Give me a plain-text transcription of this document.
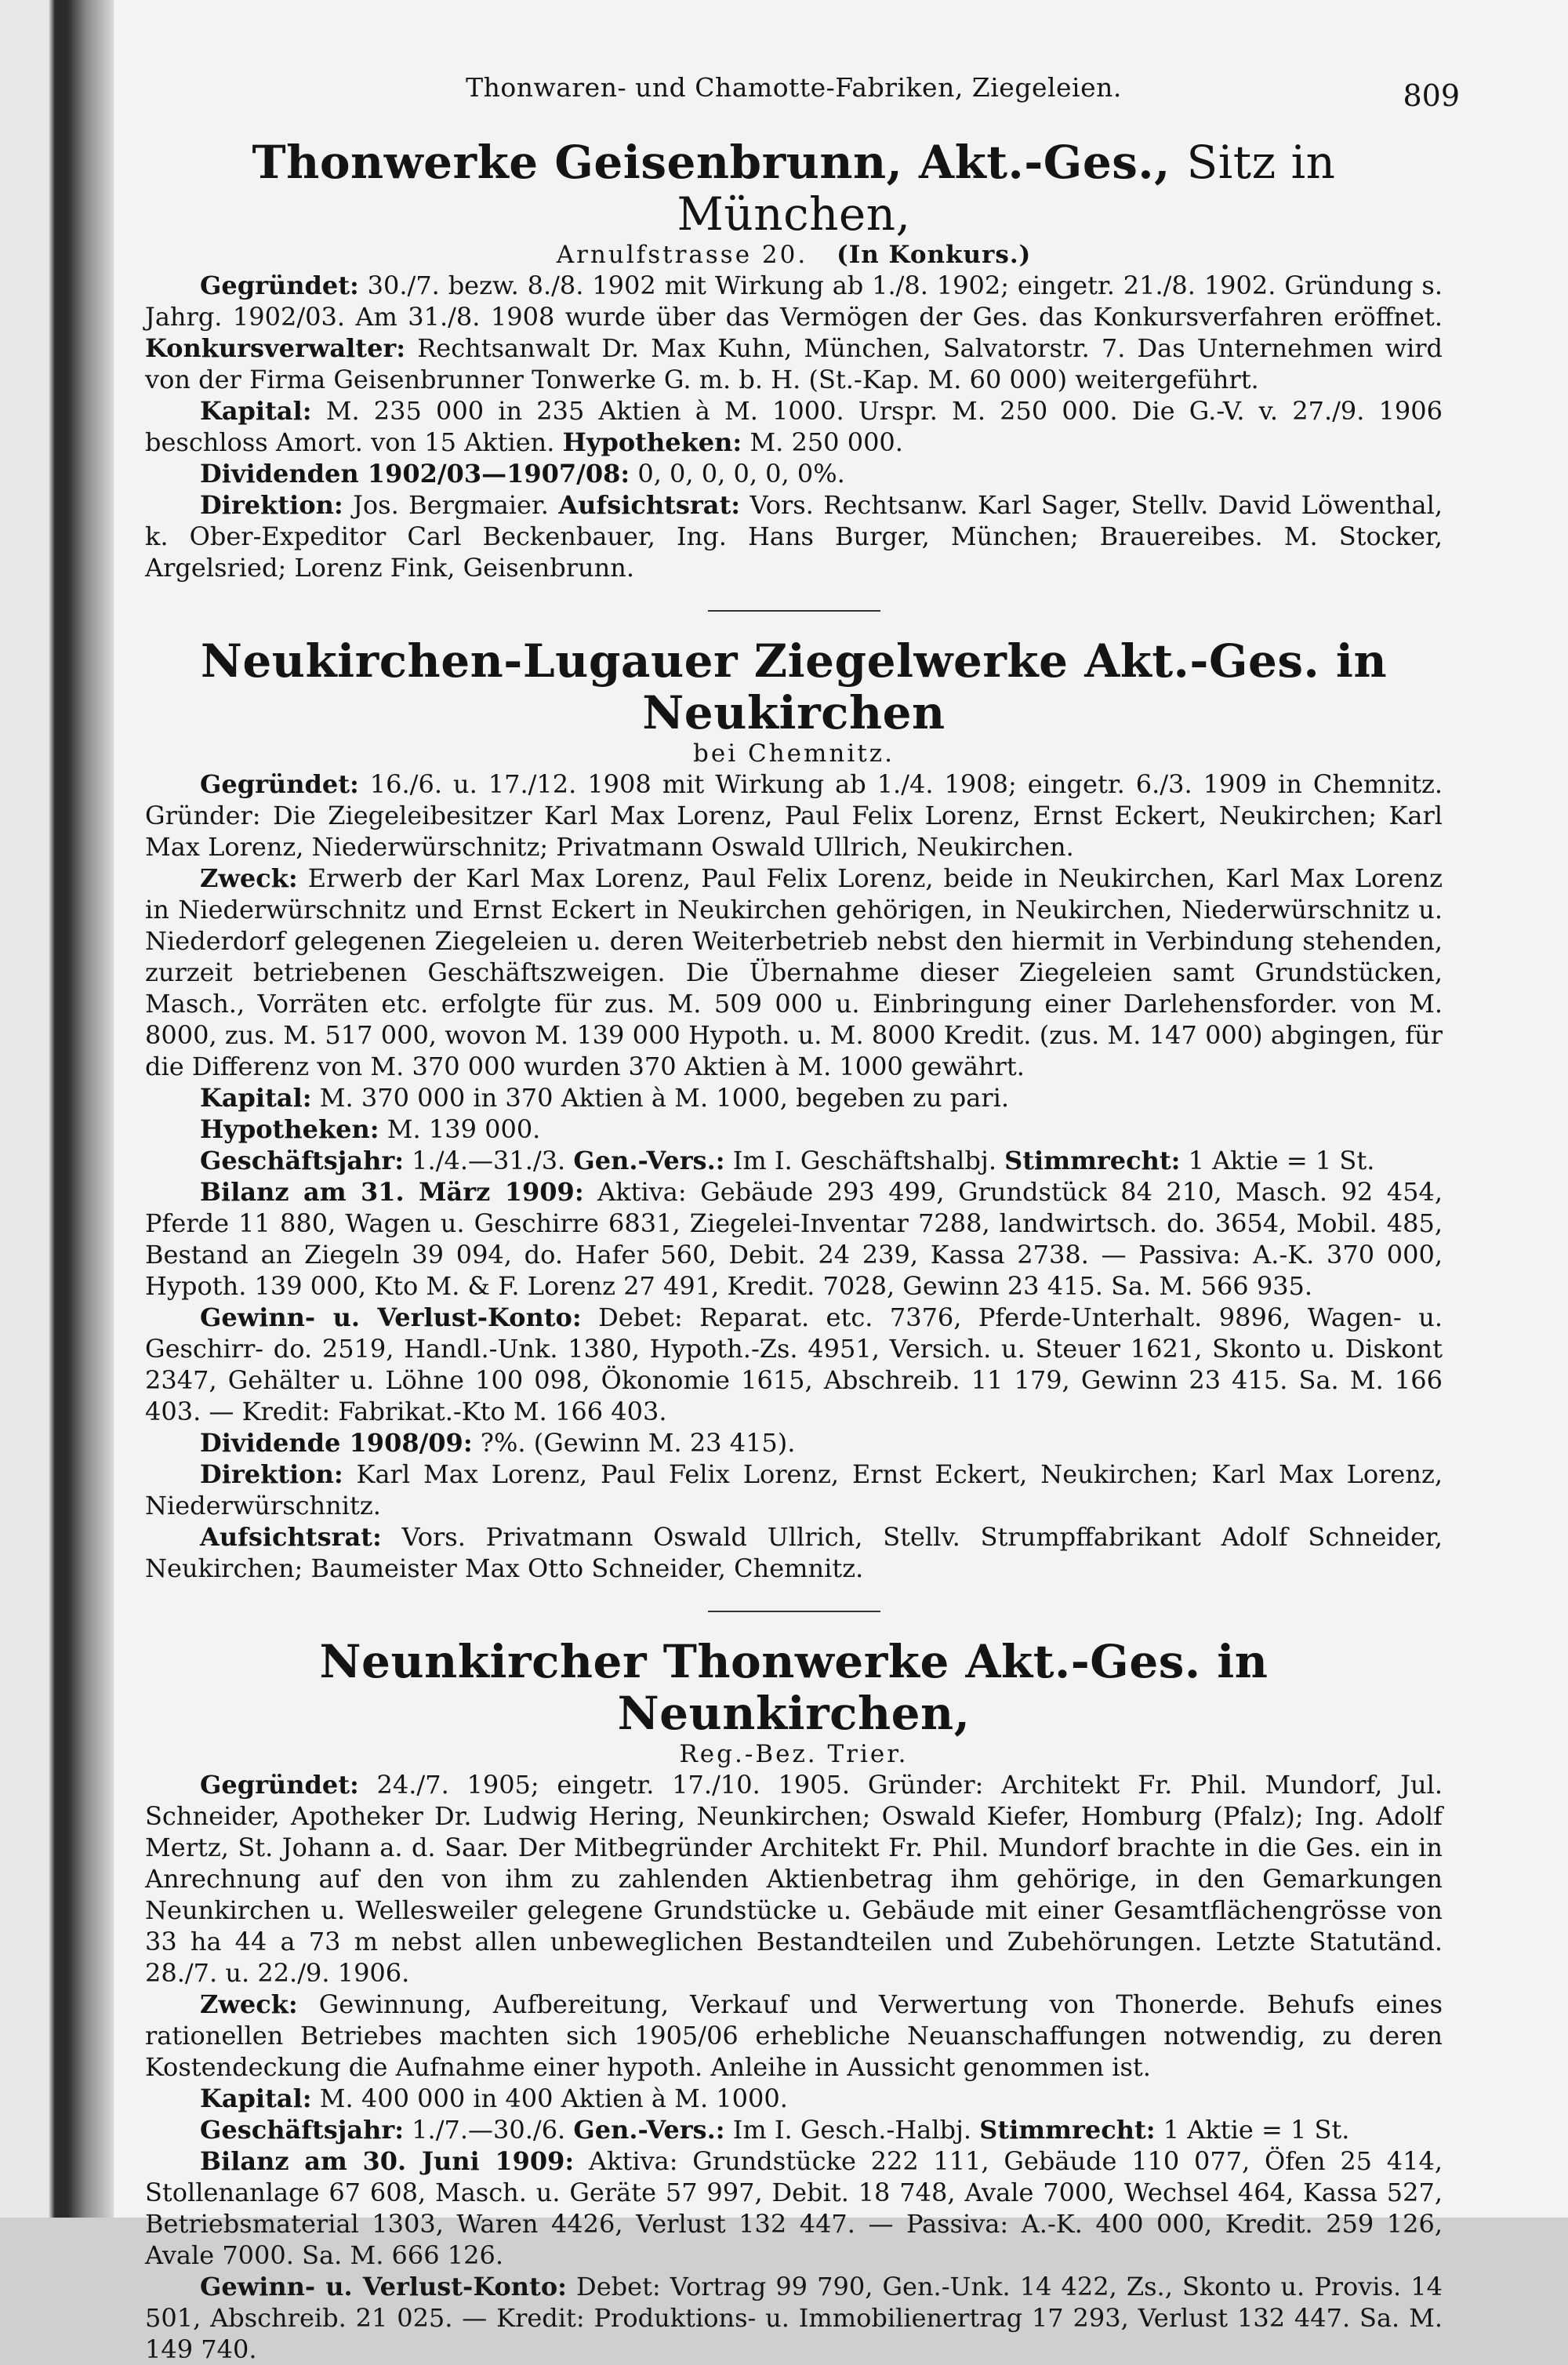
Thonwaren- und Chamotte-Fabriken, Ziegeleien.	809
Thonwerke Geisenbrunn, Akt.-Ges., Sitz in München,
Arnulfstrasse 20. (In Konkurs.)

Gegründet: 30./7. bezw. 8./8. 1902 mit Wirkung ab 1./8. 1902; eingetr. 21./8. 1902. Gründung s. Jahrg. 1902/03. Am 31./8. 1908 wurde über das Vermögen der Ges. das Konkursverfahren eröffnet. Konkursverwalter: Rechtsanwalt Dr. Max Kuhn, München, Salvatorstr. 7. Das Unternehmen wird von der Firma Geisenbrunner Tonwerke G. m. b. H. (St.-Kap. M. 60 000) weitergeführt.

Kapital: M. 235 000 in 235 Aktien à M. 1000. Urspr. M. 250 000. Die G.-V. v. 27./9. 1906 beschloss Amort. von 15 Aktien. Hypotheken: M. 250 000.

Dividenden 1902/03—1907/08: 0, 0, 0, 0, 0, 0%.

Direktion: Jos. Bergmaier. Aufsichtsrat: Vors. Rechtsanw. Karl Sager, Stellv. David Löwenthal, k. Ober-Expeditor Carl Beckenbauer, Ing. Hans Burger, München; Brauereibes. M. Stocker, Argelsried; Lorenz Fink, Geisenbrunn.

Neukirchen-Lugauer Ziegelwerke Akt.-Ges. in Neukirchen
bei Chemnitz.

Gegründet: 16./6. u. 17./12. 1908 mit Wirkung ab 1./4. 1908; eingetr. 6./3. 1909 in Chemnitz. Gründer: Die Ziegeleibesitzer Karl Max Lorenz, Paul Felix Lorenz, Ernst Eckert, Neukirchen; Karl Max Lorenz, Niederwürschnitz; Privatmann Oswald Ullrich, Neukirchen.

Zweck: Erwerb der Karl Max Lorenz, Paul Felix Lorenz, beide in Neukirchen, Karl Max Lorenz in Niederwürschnitz und Ernst Eckert in Neukirchen gehörigen, in Neukirchen, Niederwürschnitz u. Niederdorf gelegenen Ziegeleien u. deren Weiterbetrieb nebst den hiermit in Verbindung stehenden, zurzeit betriebenen Geschäftszweigen. Die Übernahme dieser Ziegeleien samt Grundstücken, Masch., Vorräten etc. erfolgte für zus. M. 509 000 u. Einbringung einer Darlehensforder. von M. 8000, zus. M. 517 000, wovon M. 139 000 Hypoth. u. M. 8000 Kredit. (zus. M. 147 000) abgingen, für die Differenz von M. 370 000 wurden 370 Aktien à M. 1000 gewährt.

Kapital: M. 370 000 in 370 Aktien à M. 1000, begeben zu pari.

Hypotheken: M. 139 000.

Geschäftsjahr: 1./4.—31./3. Gen.-Vers.: Im I. Geschäftshalbj. Stimmrecht: 1 Aktie = 1 St.

Bilanz am 31. März 1909: Aktiva: Gebäude 293 499, Grundstück 84 210, Masch. 92 454, Pferde 11 880, Wagen u. Geschirre 6831, Ziegelei-Inventar 7288, landwirtsch. do. 3654, Mobil. 485, Bestand an Ziegeln 39 094, do. Hafer 560, Debit. 24 239, Kassa 2738. — Passiva: A.-K. 370 000, Hypoth. 139 000, Kto M. & F. Lorenz 27 491, Kredit. 7028, Gewinn 23 415. Sa. M. 566 935.

Gewinn- u. Verlust-Konto: Debet: Reparat. etc. 7376, Pferde-Unterhalt. 9896, Wagen- u. Geschirr- do. 2519, Handl.-Unk. 1380, Hypoth.-Zs. 4951, Versich. u. Steuer 1621, Skonto u. Diskont 2347, Gehälter u. Löhne 100 098, Ökonomie 1615, Abschreib. 11 179, Gewinn 23 415. Sa. M. 166 403. — Kredit: Fabrikat.-Kto M. 166 403.

Dividende 1908/09: ?%. (Gewinn M. 23 415).

Direktion: Karl Max Lorenz, Paul Felix Lorenz, Ernst Eckert, Neukirchen; Karl Max Lorenz, Niederwürschnitz.

Aufsichtsrat: Vors. Privatmann Oswald Ullrich, Stellv. Strumpffabrikant Adolf Schneider, Neukirchen; Baumeister Max Otto Schneider, Chemnitz.

Neunkircher Thonwerke Akt.-Ges. in Neunkirchen,
Reg.-Bez. Trier.

Gegründet: 24./7. 1905; eingetr. 17./10. 1905. Gründer: Architekt Fr. Phil. Mundorf, Jul. Schneider, Apotheker Dr. Ludwig Hering, Neunkirchen; Oswald Kiefer, Homburg (Pfalz); Ing. Adolf Mertz, St. Johann a. d. Saar. Der Mitbegründer Architekt Fr. Phil. Mundorf brachte in die Ges. ein in Anrechnung auf den von ihm zu zahlenden Aktienbetrag ihm gehörige, in den Gemarkungen Neunkirchen u. Wellesweiler gelegene Grundstücke u. Gebäude mit einer Gesamtflächengrösse von 33 ha 44 a 73 m nebst allen unbeweglichen Bestandteilen und Zubehörungen. Letzte Statutänd. 28./7. u. 22./9. 1906.

Zweck: Gewinnung, Aufbereitung, Verkauf und Verwertung von Thonerde. Behufs eines rationellen Betriebes machten sich 1905/06 erhebliche Neuanschaffungen notwendig, zu deren Kostendeckung die Aufnahme einer hypoth. Anleihe in Aussicht genommen ist.

Kapital: M. 400 000 in 400 Aktien à M. 1000.

Geschäftsjahr: 1./7.—30./6. Gen.-Vers.: Im I. Gesch.-Halbj. Stimmrecht: 1 Aktie = 1 St.

Bilanz am 30. Juni 1909: Aktiva: Grundstücke 222 111, Gebäude 110 077, Öfen 25 414, Stollenanlage 67 608, Masch. u. Geräte 57 997, Debit. 18 748, Avale 7000, Wechsel 464, Kassa 527, Betriebsmaterial 1303, Waren 4426, Verlust 132 447. — Passiva: A.-K. 400 000, Kredit. 259 126, Avale 7000. Sa. M. 666 126.

Gewinn- u. Verlust-Konto: Debet: Vortrag 99 790, Gen.-Unk. 14 422, Zs., Skonto u. Provis. 14 501, Abschreib. 21 025. — Kredit: Produktions- u. Immobilienertrag 17 293, Verlust 132 447. Sa. M. 149 740.
